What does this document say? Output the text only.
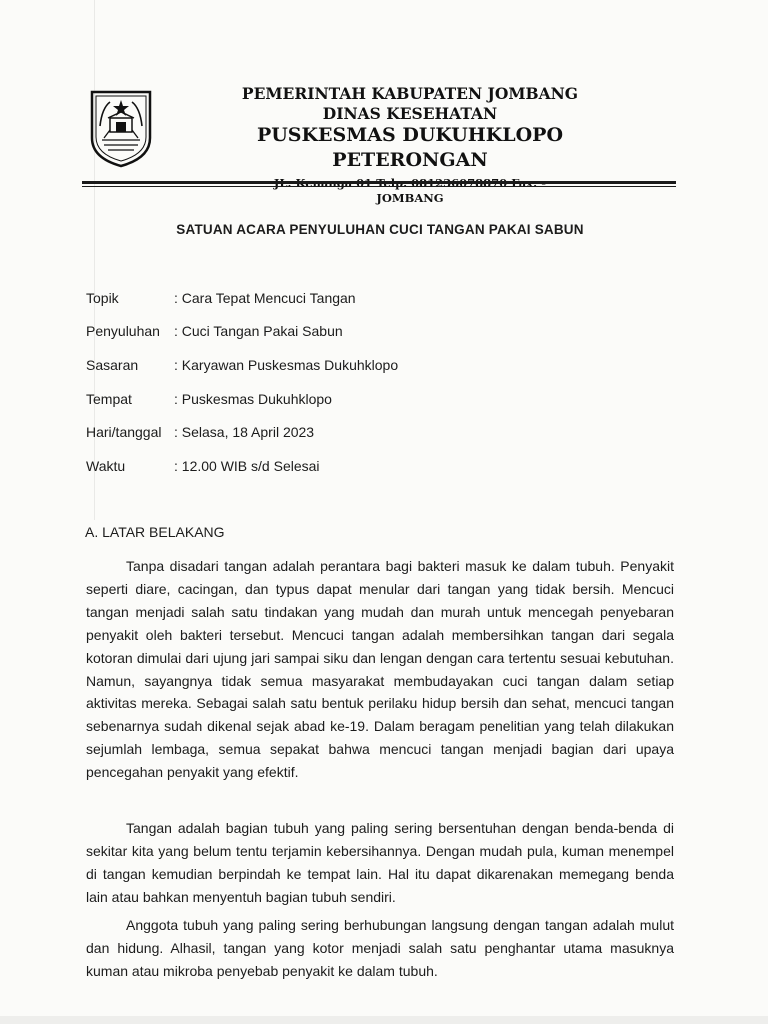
PEMERINTAH KABUPATEN JOMBANG
DINAS KESEHATAN
PUSKESMAS DUKUHKLOPO PETERONGAN
JOMBANG
SATUAN ACARA PENYULUHAN CUCI TANGAN PAKAI SABUN
Topik	: Cara Tepat Mencuci Tangan
Penyuluhan : Cuci Tangan Pakai Sabun
Sasaran	: Karyawan Puskesmas Dukuhklopo
Tempat	: Puskesmas Dukuhklopo
Hari/tanggal : Selasa, 18 April 2023
Waktu	: 12.00 WIB s/d Selesai
A. LATAR BELAKANG
Tanpa disadari tangan adalah perantara bagi bakteri masuk ke dalam tubuh. Penyakit seperti diare, cacingan, dan typus dapat menular dari tangan yang tidak bersih. Mencuci tangan menjadi salah satu tindakan yang mudah dan murah untuk mencegah penyebaran penyakit oleh bakteri tersebut. Mencuci tangan adalah membersihkan tangan dari segala kotoran dimulai dari ujung jari sampai siku dan lengan dengan cara tertentu sesuai kebutuhan. Namun, sayangnya tidak semua masyarakat membudayakan cuci tangan dalam setiap aktivitas mereka. Sebagai salah satu bentuk perilaku hidup bersih dan sehat, mencuci tangan sebenarnya sudah dikenal sejak abad ke-19. Dalam beragam penelitian yang telah dilakukan sejumlah lembaga, semua sepakat bahwa mencuci tangan menjadi bagian dari upaya pencegahan penyakit yang efektif.
Tangan adalah bagian tubuh yang paling sering bersentuhan dengan benda-benda di sekitar kita yang belum tentu terjamin kebersihannya. Dengan mudah pula, kuman menempel di tangan kemudian berpindah ke tempat lain. Hal itu dapat dikarenakan memegang benda lain atau bahkan menyentuh bagian tubuh sendiri.
Anggota tubuh yang paling sering berhubungan langsung dengan tangan adalah mulut dan hidung. Alhasil, tangan yang kotor menjadi salah satu penghantar utama masuknya kuman atau mikroba penyebab penyakit ke dalam tubuh.
